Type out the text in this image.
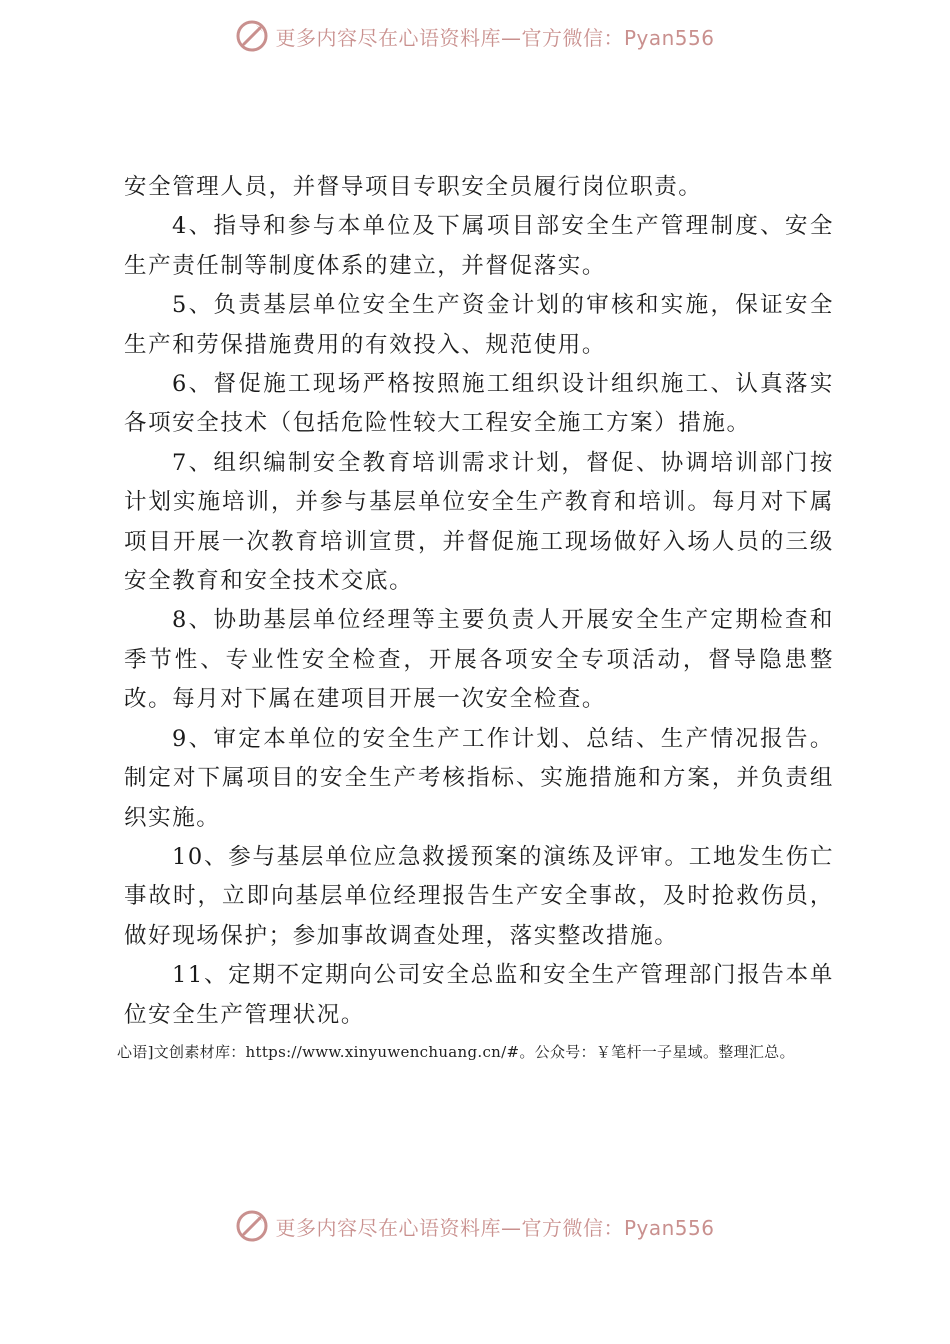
更多内容尽在心语资料库—官方微信：Pyan556

安全管理人员，并督导项目专职安全员履行岗位职责。

4、指导和参与本单位及下属项目部安全生产管理制度、安全生产责任制等制度体系的建立，并督促落实。

5、负责基层单位安全生产资金计划的审核和实施，保证安全生产和劳保措施费用的有效投入、规范使用。

6、督促施工现场严格按照施工组织设计组织施工、认真落实各项安全技术（包括危险性较大工程安全施工方案）措施。

7、组织编制安全教育培训需求计划，督促、协调培训部门按计划实施培训，并参与基层单位安全生产教育和培训。每月对下属项目开展一次教育培训宣贯，并督促施工现场做好入场人员的三级安全教育和安全技术交底。

8、协助基层单位经理等主要负责人开展安全生产定期检查和季节性、专业性安全检查，开展各项安全专项活动，督导隐患整改。每月对下属在建项目开展一次安全检查。

9、审定本单位的安全生产工作计划、总结、生产情况报告。制定对下属项目的安全生产考核指标、实施措施和方案，并负责组织实施。

10、参与基层单位应急救援预案的演练及评审。工地发生伤亡事故时，立即向基层单位经理报告生产安全事故，及时抢救伤员，做好现场保护；参加事故调查处理，落实整改措施。

11、定期不定期向公司安全总监和安全生产管理部门报告本单位安全生产管理状况。

心语]文创素材库：https://www.xinyuwenchuang.cn/#。公众号：￥笔杆一子星域。整理汇总。
更多内容尽在心语资料库—官方微信：Pyan556
